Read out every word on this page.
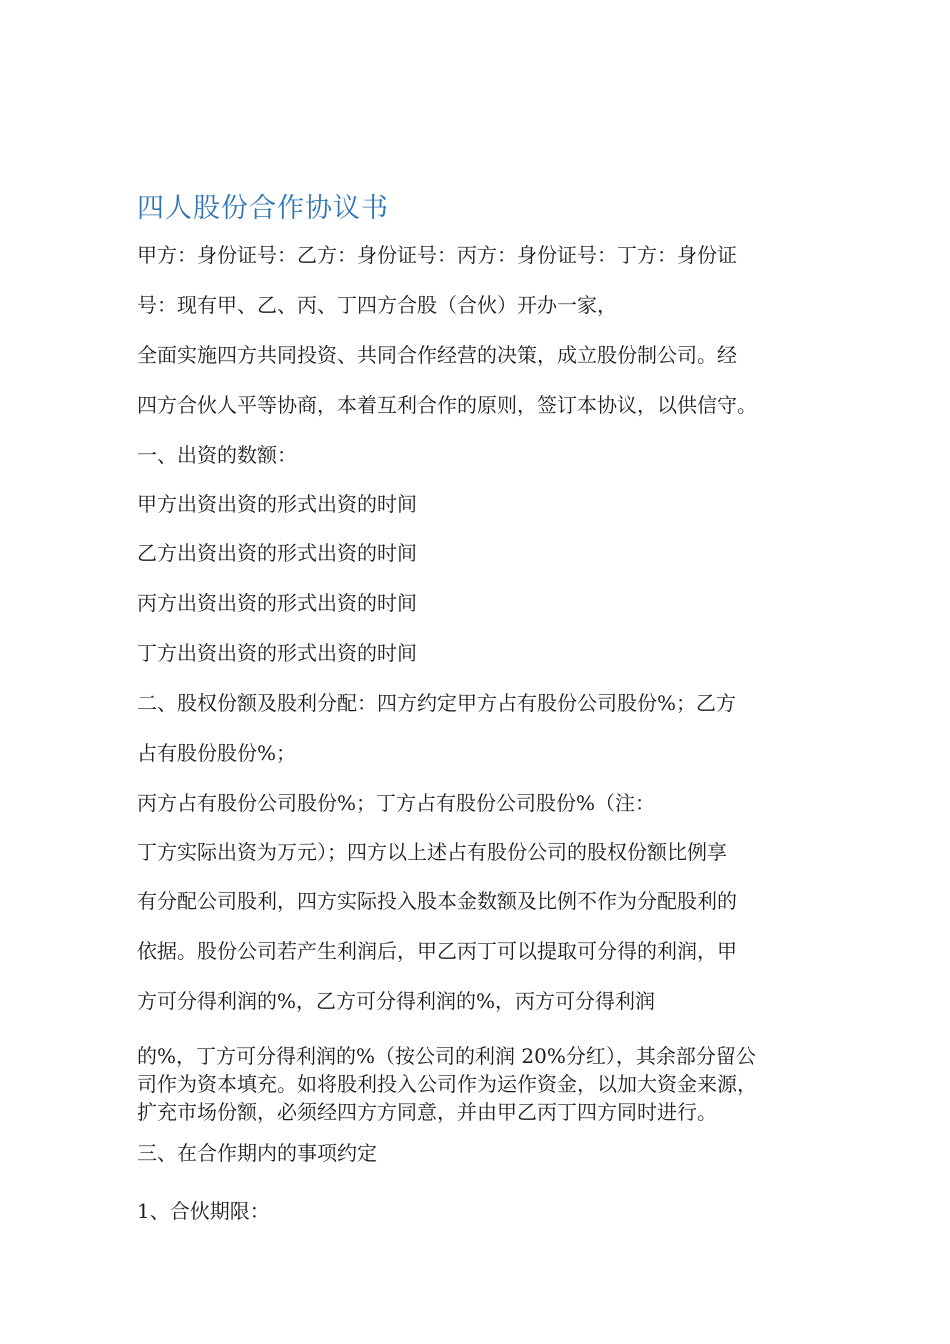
四人股份合作协议书
甲方：身份证号：乙方：身份证号：丙方：身份证号：丁方：身份证
号：现有甲、乙、丙、丁四方合股（合伙）开办一家，
全面实施四方共同投资、共同合作经营的决策，成立股份制公司。经
四方合伙人平等协商，本着互利合作的原则，签订本协议，以供信守。
一、出资的数额：
甲方出资出资的形式出资的时间
乙方出资出资的形式出资的时间
丙方出资出资的形式出资的时间
丁方出资出资的形式出资的时间
二、股权份额及股利分配：四方约定甲方占有股份公司股份%；乙方
占有股份股份%；
丙方占有股份公司股份%；丁方占有股份公司股份%（注：
丁方实际出资为万元）；四方以上述占有股份公司的股权份额比例享
有分配公司股利，四方实际投入股本金数额及比例不作为分配股利的
依据。股份公司若产生利润后，甲乙丙丁可以提取可分得的利润，甲
方可分得利润的%，乙方可分得利润的%，丙方可分得利润
的%，丁方可分得利润的%（按公司的利润 20%分红），其余部分留公
司作为资本填充。如将股利投入公司作为运作资金，以加大资金来源，
扩充市场份额，必须经四方方同意，并由甲乙丙丁四方同时进行。
三、在合作期内的事项约定
1、合伙期限：
